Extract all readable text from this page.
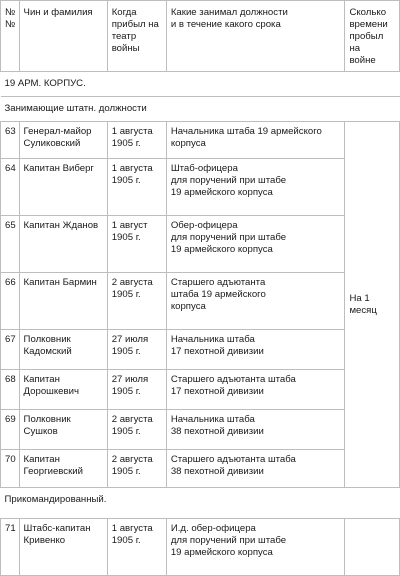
№№	Чин и фамилия	Когда
прибыл на
театр войны	Какие занимал должности
и в течение какого срока	Сколько
времени
пробыл на
войне
19 АРМ. КОРПУС.				
Занимающие штатн. должности				
63	Генерал-майор
Суликовский	1 августа
1905 г.	Начальника штаба 19 армейского
корпуса	На 1 месяц
64	Капитан Виберг	1 августа
1905 г.	Штаб-офицера
для поручений при штабе
19 армейского корпуса	
65	Капитан Жданов	1 август
1905 г.	Обер-офицера
для поручений при штабе
19 армейского корпуса	
66	Капитан Бармин	2 августа
1905 г.	Старшего адъютанта
штаба 19 армейского
корпуса	
67	Полковник
Кадомский	27 июля
1905 г.	Начальника штаба
17 пехотной дивизии	
68	Капитан
Дорошкевич	27 июля
1905 г.	Старшего адъютанта штаба
17 пехотной дивизии	
69	Полковник
Сушков	2 августа
1905 г.	Начальника штаба
38 пехотной дивизии	
70	Капитан
Георгиевский	2 августа
1905 г.	Старшего адъютанта штаба
38 пехотной дивизии	
Прикомандированный.				
71	Штабс-капитан
Кривенко	1 августа
1905 г.	И.д. обер-офицера
для поручений при штабе
19 армейского корпуса	
